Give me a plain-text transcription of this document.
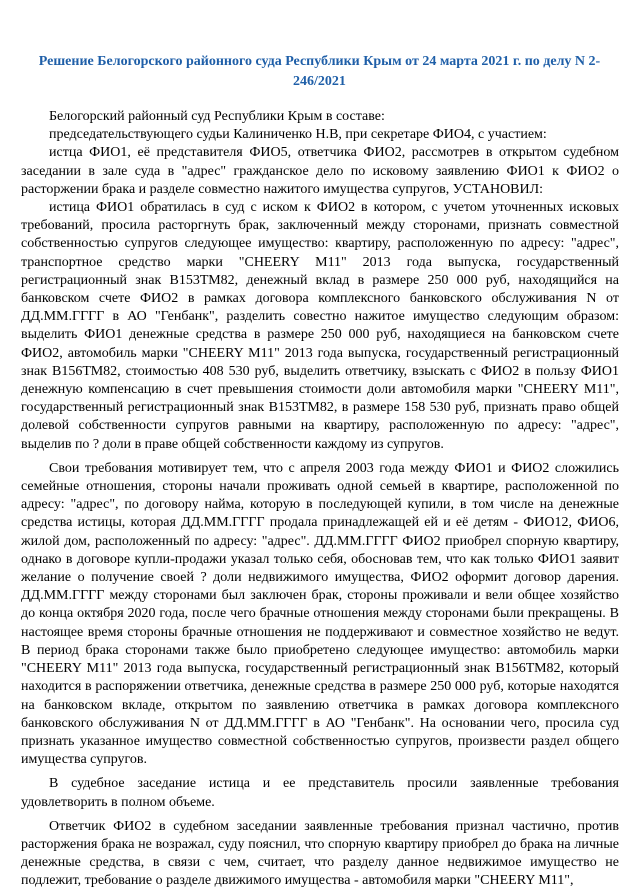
Решение Белогорского районного суда Республики Крым от 24 марта 2021 г. по делу N 2-246/2021

Белогорский районный суд Республики Крым в составе:

председательствующего судьи Калиниченко Н.В, при секретаре ФИО4, с участием:

истца ФИО1, её представителя ФИО5, ответчика ФИО2, рассмотрев в открытом судебном заседании в зале суда в "адрес" гражданское дело по исковому заявлению ФИО1 к ФИО2 о расторжении брака и разделе совместно нажитого имущества супругов, УСТАНОВИЛ:

истица ФИО1 обратилась в суд с иском к ФИО2 в котором, с учетом уточненных исковых требований, просила расторгнуть брак, заключенный между сторонами, признать совместной собственностью супругов следующее имущество: квартиру, расположенную по адресу: "адрес", транспортное средство марки "CHEERY M11" 2013 года выпуска, государственный регистрационный знак В153ТМ82, денежный вклад в размере 250 000 руб, находящийся на банковском счете ФИО2 в рамках договора комплексного банковского обслуживания N от ДД.ММ.ГГГГ в АО "Генбанк", разделить совестно нажитое имущество следующим образом: выделить ФИО1 денежные средства в размере 250 000 руб, находящиеся на банковском счете ФИО2, автомобиль марки "CHEERY M11" 2013 года выпуска, государственный регистрационный знак В156ТМ82, стоимостью 408 530 руб, выделить ответчику, взыскать с ФИО2 в пользу ФИО1 денежную компенсацию в счет превышения стоимости доли автомобиля марки "CHEERY M11", государственный регистрационный знак В153ТМ82, в размере 158 530 руб, признать право общей долевой собственности супругов равными на квартиру, расположенную по адресу: "адрес", выделив по ? доли в праве общей собственности каждому из супругов.

Свои требования мотивирует тем, что с апреля 2003 года между ФИО1 и ФИО2 сложились семейные отношения, стороны начали проживать одной семьей в квартире, расположенной по адресу: "адрес", по договору найма, которую в последующей купили, в том числе на денежные средства истицы, которая ДД.ММ.ГГГГ продала принадлежащей ей и её детям - ФИО12, ФИО6, жилой дом, расположенный по адресу: "адрес". ДД.ММ.ГГГГ ФИО2 приобрел спорную квартиру, однако в договоре купли-продажи указал только себя, обосновав тем, что как только ФИО1 заявит желание о получение своей ? доли недвижимого имущества, ФИО2 оформит договор дарения. ДД.ММ.ГГГГ между сторонами был заключен брак, стороны проживали и вели общее хозяйство до конца октября 2020 года, после чего брачные отношения между сторонами были прекращены. В настоящее время стороны брачные отношения не поддерживают и совместное хозяйство не ведут. В период брака сторонами также было приобретено следующее имущество: автомобиль марки "CHEERY M11" 2013 года выпуска, государственный регистрационный знак В156ТМ82, который находится в распоряжении ответчика, денежные средства в размере 250 000 руб, которые находятся на банковском вкладе, открытом по заявлению ответчика в рамках договора комплексного банковского обслуживания N от ДД.ММ.ГГГГ в АО "Генбанк". На основании чего, просила суд признать указанное имущество совместной собственностью супругов, произвести раздел общего имущества супругов.

В судебное заседание истица и ее представитель просили заявленные требования удовлетворить в полном объеме.

Ответчик ФИО2 в судебном заседании заявленные требования признал частично, против расторжения брака не возражал, суду пояснил, что спорную квартиру приобрел до брака на личные денежные средства, в связи с чем, считает, что разделу данное недвижимое имущество не подлежит, требование о разделе движимого имущества - автомобиля марки "CHEERY M11",
